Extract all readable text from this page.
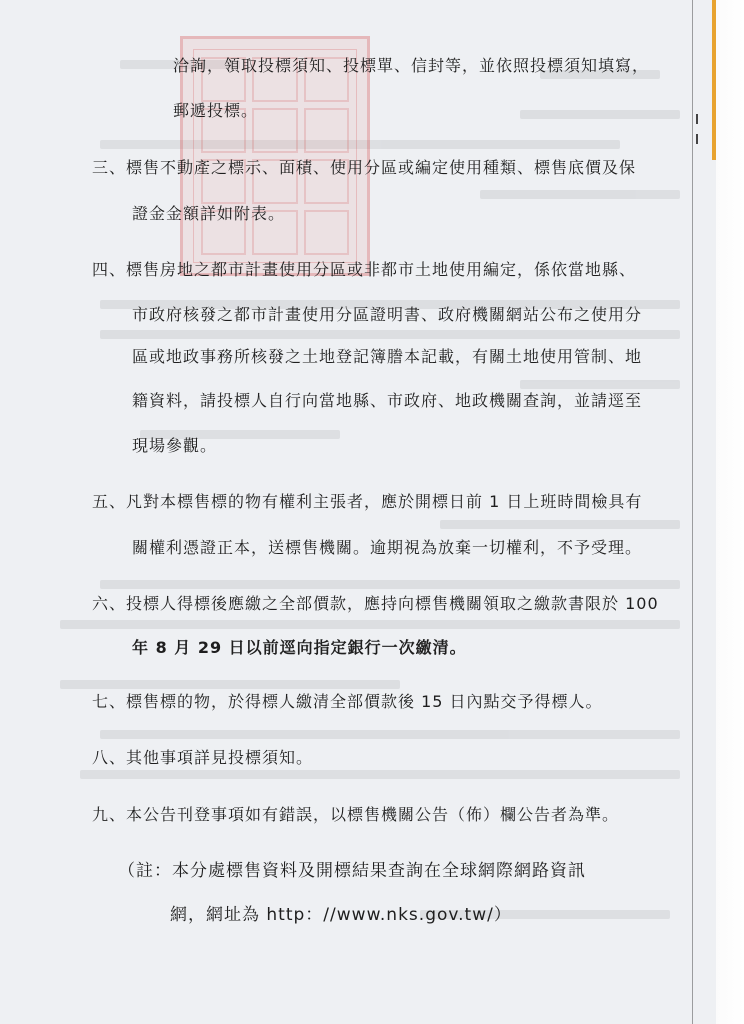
洽詢，領取投標須知、投標單、信封等，並依照投標須知填寫，
郵遞投標。
三、標售不動產之標示、面積、使用分區或編定使用種類、標售底價及保
證金金額詳如附表。
四、標售房地之都市計畫使用分區或非都市土地使用編定，係依當地縣、
市政府核發之都市計畫使用分區證明書、政府機關網站公布之使用分
區或地政事務所核發之土地登記簿謄本記載，有關土地使用管制、地
籍資料，請投標人自行向當地縣、市政府、地政機關查詢，並請逕至
現場參觀。
五、凡對本標售標的物有權利主張者，應於開標日前 1 日上班時間檢具有
關權利憑證正本，送標售機關。逾期視為放棄一切權利，不予受理。
六、投標人得標後應繳之全部價款，應持向標售機關領取之繳款書限於 100
年 8 月 29 日以前逕向指定銀行一次繳清。
七、標售標的物，於得標人繳清全部價款後 15 日內點交予得標人。
八、其他事項詳見投標須知。
九、本公告刊登事項如有錯誤，以標售機關公告（佈）欄公告者為準。
（註：本分處標售資料及開標結果查詢在全球網際網路資訊
網，網址為 http：//www.nks.gov.tw/）
